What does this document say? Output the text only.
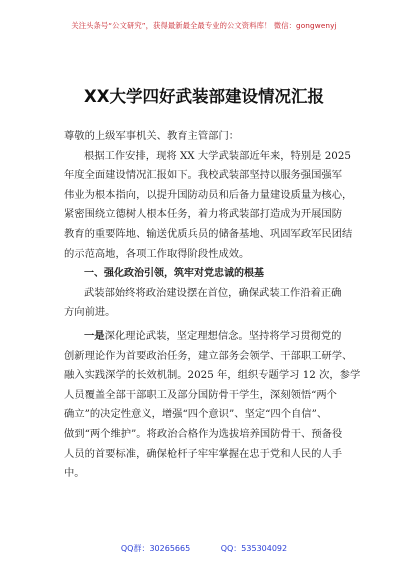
关注头条号“公文研究”，获得最新最全最专业的公文资料库！ 微信：gongwenyj
XX大学四好武装部建设情况汇报
尊敬的上级军事机关、教育主管部门：
根据工作安排，现将 XX 大学武装部近年来，特别是 2025
年度全面建设情况汇报如下。我校武装部坚持以服务强国强军
伟业为根本指向，以提升国防动员和后备力量建设质量为核心，
紧密围绕立德树人根本任务，着力将武装部打造成为开展国防
教育的重要阵地、输送优质兵员的储备基地、巩固军政军民团结
的示范高地，各项工作取得阶段性成效。
一、强化政治引领，筑牢对党忠诚的根基
武装部始终将政治建设摆在首位，确保武装工作沿着正确
方向前进。
一是深化理论武装，坚定理想信念。坚持将学习贯彻党的
创新理论作为首要政治任务，建立部务会领学、干部职工研学、
融入实践深学的长效机制。2025 年，组织专题学习 12 次，参学
人员覆盖全部干部职工及部分国防骨干学生，深刻领悟“两个
确立”的决定性意义，增强“四个意识”、坚定“四个自信”、
做到“两个维护”。将政治合格作为选拔培养国防骨干、预备役
人员的首要标准，确保枪杆子牢牢掌握在忠于党和人民的人手
中。
QQ群：30265665	QQ：535304092
